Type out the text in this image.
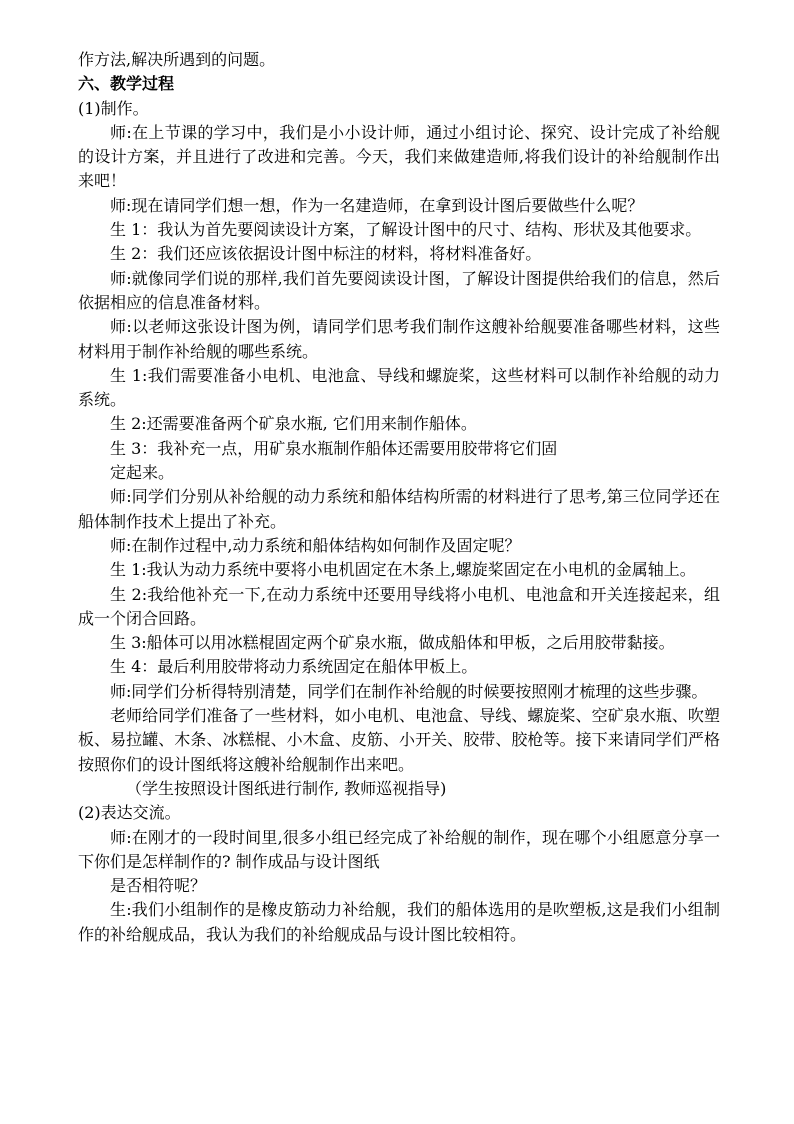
作方法,解决所遇到的问题。

六、教学过程

(1)制作。

师:在上节课的学习中，我们是小小设计师，通过小组讨论、探究、设计完成了补给舰的设计方案，并且进行了改进和完善。今天，我们来做建造师,将我们设计的补给舰制作出来吧！

师:现在请同学们想一想，作为一名建造师，在拿到设计图后要做些什么呢？

生 1：我认为首先要阅读设计方案，了解设计图中的尺寸、结构、形状及其他要求。

生 2：我们还应该依据设计图中标注的材料，将材料准备好。

师:就像同学们说的那样,我们首先要阅读设计图，了解设计图提供给我们的信息，然后依据相应的信息准备材料。

师:以老师这张设计图为例，请同学们思考我们制作这艘补给舰要准备哪些材料，这些材料用于制作补给舰的哪些系统。

生 1:我们需要准备小电机、电池盒、导线和螺旋桨，这些材料可以制作补给舰的动力系统。

生 2:还需要准备两个矿泉水瓶, 它们用来制作船体。

生 3：我补充一点，用矿泉水瓶制作船体还需要用胶带将它们固

定起来。

师:同学们分别从补给舰的动力系统和船体结构所需的材料进行了思考,第三位同学还在船体制作技术上提出了补充。

师:在制作过程中,动力系统和船体结构如何制作及固定呢？

生 1:我认为动力系统中要将小电机固定在木条上,螺旋桨固定在小电机的金属轴上。

生 2:我给他补充一下,在动力系统中还要用导线将小电机、电池盒和开关连接起来，组成一个闭合回路。

生 3:船体可以用冰糕棍固定两个矿泉水瓶，做成船体和甲板，之后用胶带黏接。

生 4：最后利用胶带将动力系统固定在船体甲板上。

师:同学们分析得特别清楚，同学们在制作补给舰的时候要按照刚才梳理的这些步骤。

老师给同学们准备了一些材料，如小电机、电池盒、导线、螺旋桨、空矿泉水瓶、吹塑板、易拉罐、木条、冰糕棍、小木盒、皮筋、小开关、胶带、胶枪等。接下来请同学们严格按照你们的设计图纸将这艘补给舰制作出来吧。

（学生按照设计图纸进行制作, 教师巡视指导)

(2)表达交流。

师:在刚才的一段时间里,很多小组已经完成了补给舰的制作，现在哪个小组愿意分享一下你们是怎样制作的? 制作成品与设计图纸

是否相符呢？

生:我们小组制作的是橡皮筋动力补给舰，我们的船体选用的是吹塑板,这是我们小组制作的补给舰成品，我认为我们的补给舰成品与设计图比较相符。
